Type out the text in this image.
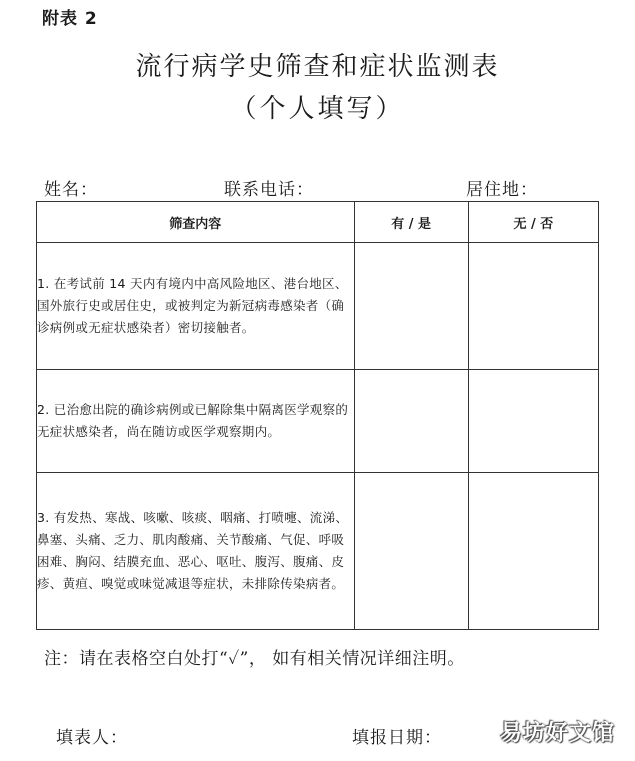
附表 2
流行病学史筛查和症状监测表
（个人填写）
姓名：	联系电话：	居住地：
筛查内容	有 / 是	无 / 否
1. 在考试前 14 天内有境内中高风险地区、港台地区、国外旅行史或居住史，或被判定为新冠病毒感染者（确诊病例或无症状感染者）密切接触者。		
2. 已治愈出院的确诊病例或已解除集中隔离医学观察的无症状感染者，尚在随访或医学观察期内。		
3. 有发热、寒战、咳嗽、咳痰、咽痛、打喷嚏、流涕、鼻塞、头痛、乏力、肌肉酸痛、关节酸痛、气促、呼吸困难、胸闷、结膜充血、恶心、呕吐、腹泻、腹痛、皮疹、黄疸、嗅觉或味觉减退等症状，未排除传染病者。		
注：请在表格空白处打“✓”， 如有相关情况详细注明。
填表人：	填报日期：	易坊好文馆
